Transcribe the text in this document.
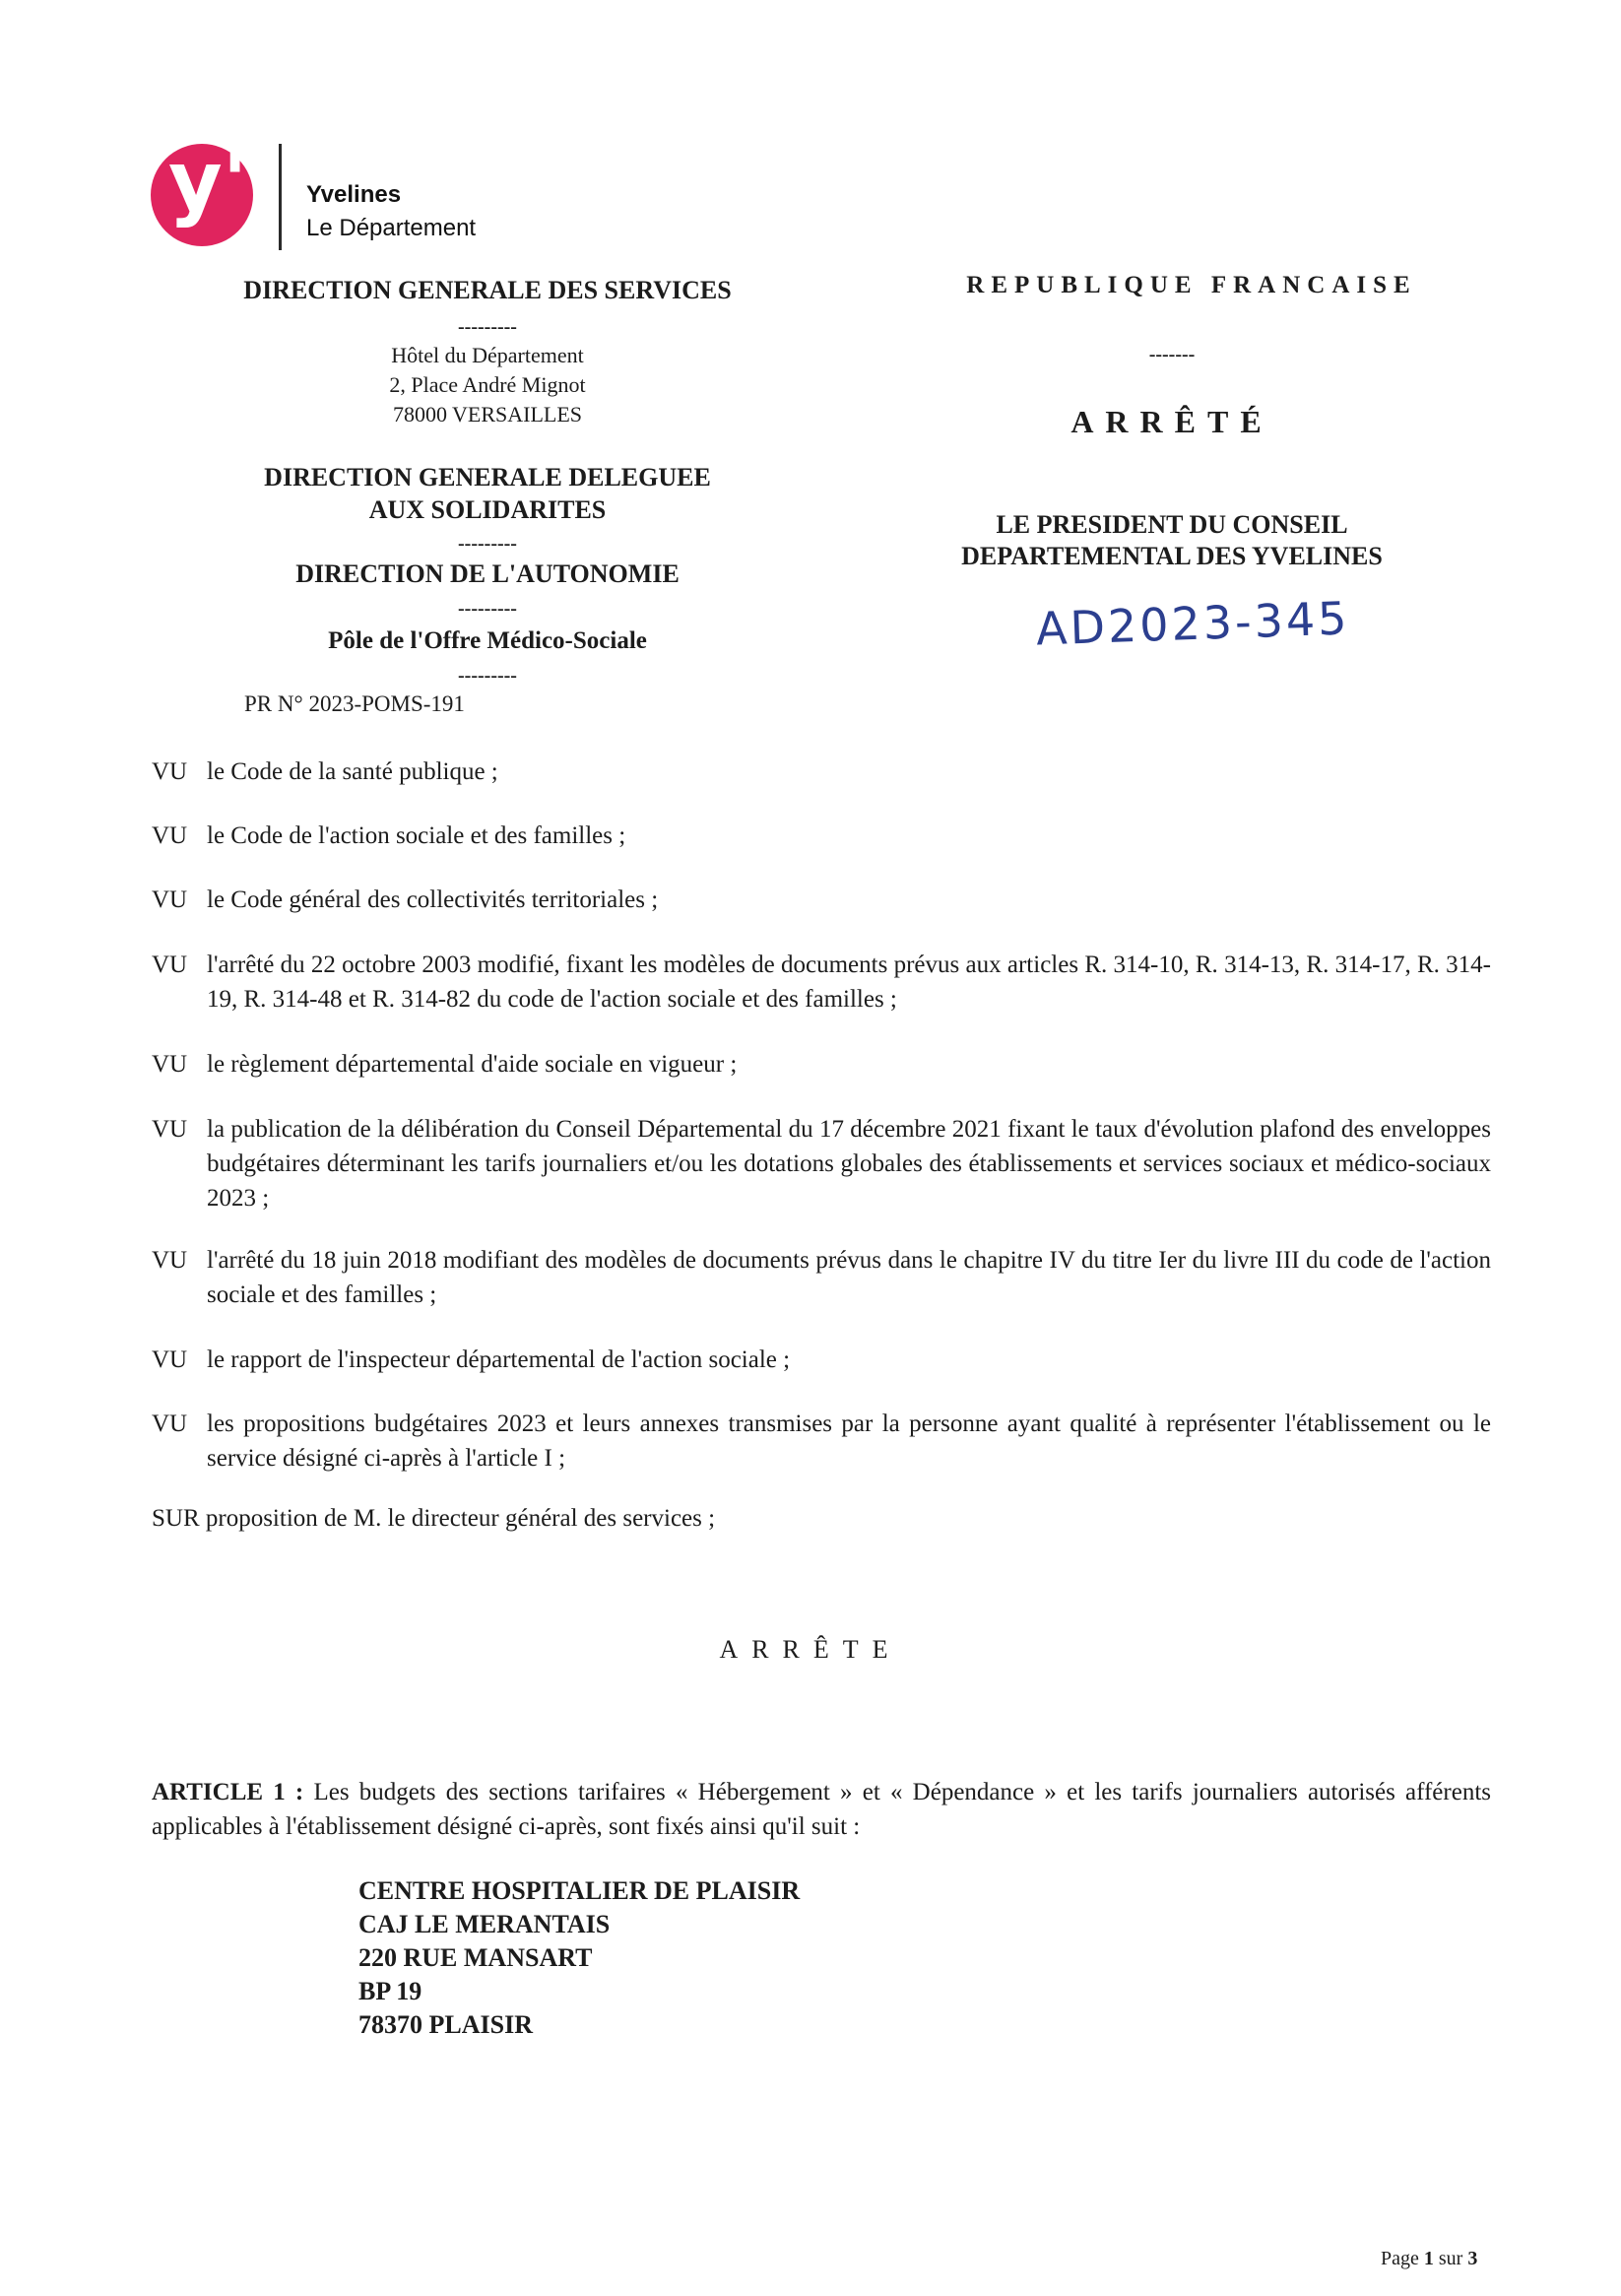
y' Yvelines
Le Département
DIRECTION GENERALE DES SERVICES
---------
Hôtel du Département
2, Place André Mignot
78000 VERSAILLES
DIRECTION GENERALE DELEGUEE
AUX SOLIDARITES
---------
DIRECTION DE L'AUTONOMIE
---------
Pôle de l'Offre Médico-Sociale
---------
PR N° 2023-POMS-191
REPUBLIQUE FRANCAISE
-------
ARRÊTÉ
LE PRESIDENT DU CONSEIL
DEPARTEMENTAL DES YVELINES
AD2023-345
VU le Code de la santé publique ;
VU le Code de l'action sociale et des familles ;
VU le Code général des collectivités territoriales ;
VU l'arrêté du 22 octobre 2003 modifié, fixant les modèles de documents prévus aux articles R. 314-10, R. 314-13, R. 314-17, R. 314-19, R. 314-48 et R. 314-82 du code de l'action sociale et des familles ;
VU le règlement départemental d'aide sociale en vigueur ;
VU la publication de la délibération du Conseil Départemental du 17 décembre 2021 fixant le taux d'évolution plafond des enveloppes budgétaires déterminant les tarifs journaliers et/ou les dotations globales des établissements et services sociaux et médico-sociaux 2023 ;
VU l'arrêté du 18 juin 2018 modifiant des modèles de documents prévus dans le chapitre IV du titre Ier du livre III du code de l'action sociale et des familles ;
VU le rapport de l'inspecteur départemental de l'action sociale ;
VU les propositions budgétaires 2023 et leurs annexes transmises par la personne ayant qualité à représenter l'établissement ou le service désigné ci-après à l'article I ;
SUR proposition de M. le directeur général des services ;
ARRÊTE
ARTICLE 1 : Les budgets des sections tarifaires « Hébergement » et « Dépendance » et les tarifs journaliers autorisés afférents applicables à l'établissement désigné ci-après, sont fixés ainsi qu'il suit :
CENTRE HOSPITALIER DE PLAISIR
CAJ LE MERANTAIS
220 RUE MANSART
BP 19
78370 PLAISIR
Page 1 sur 3
